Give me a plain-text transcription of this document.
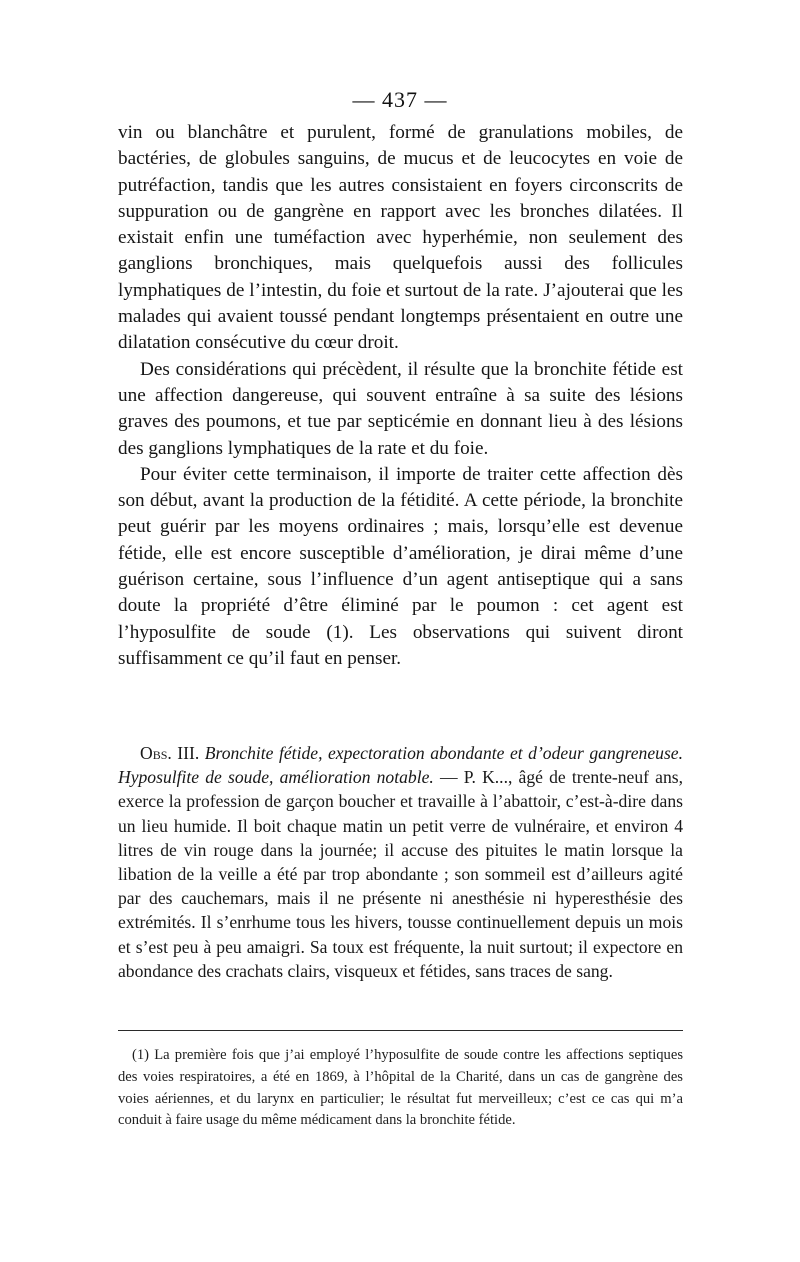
— 437 —

vin ou blanchâtre et purulent, formé de granulations mobiles, de bactéries, de globules sanguins, de mucus et de leucocytes en voie de putréfaction, tandis que les autres consistaient en foyers circonscrits de suppuration ou de gangrène en rapport avec les bronches dilatées. Il existait enfin une tuméfaction avec hyperhémie, non seulement des ganglions bronchiques, mais quelquefois aussi des follicules lymphatiques de l’intestin, du foie et surtout de la rate. J’ajouterai que les malades qui avaient toussé pendant longtemps présentaient en outre une dilatation consécutive du cœur droit.

Des considérations qui précèdent, il résulte que la bronchite fétide est une affection dangereuse, qui souvent entraîne à sa suite des lésions graves des poumons, et tue par septicémie en donnant lieu à des lésions des ganglions lymphatiques de la rate et du foie.

Pour éviter cette terminaison, il importe de traiter cette affection dès son début, avant la production de la fétidité. A cette période, la bronchite peut guérir par les moyens ordinaires ; mais, lorsqu’elle est devenue fétide, elle est encore susceptible d’amélioration, je dirai même d’une guérison certaine, sous l’influence d’un agent antiseptique qui a sans doute la propriété d’être éliminé par le poumon : cet agent est l’hyposulfite de soude (1). Les observations qui suivent diront suffisamment ce qu’il faut en penser.

Obs. III. Bronchite fétide, expectoration abondante et d’odeur gangreneuse. Hyposulfite de soude, amélioration notable. — P. K..., âgé de trente-neuf ans, exerce la profession de garçon boucher et travaille à l’abattoir, c’est-à-dire dans un lieu humide. Il boit chaque matin un petit verre de vulnéraire, et environ 4 litres de vin rouge dans la journée; il accuse des pituites le matin lorsque la libation de la veille a été par trop abondante ; son sommeil est d’ailleurs agité par des cauchemars, mais il ne présente ni anesthésie ni hyperesthésie des extrémités. Il s’enrhume tous les hivers, tousse continuellement depuis un mois et s’est peu à peu amaigri. Sa toux est fréquente, la nuit surtout; il expectore en abondance des crachats clairs, visqueux et fétides, sans traces de sang.

(1) La première fois que j’ai employé l’hyposulfite de soude contre les affections septiques des voies respiratoires, a été en 1869, à l’hôpital de la Charité, dans un cas de gangrène des voies aériennes, et du larynx en particulier; le résultat fut merveilleux; c’est ce cas qui m’a conduit à faire usage du même médicament dans la bronchite fétide.
